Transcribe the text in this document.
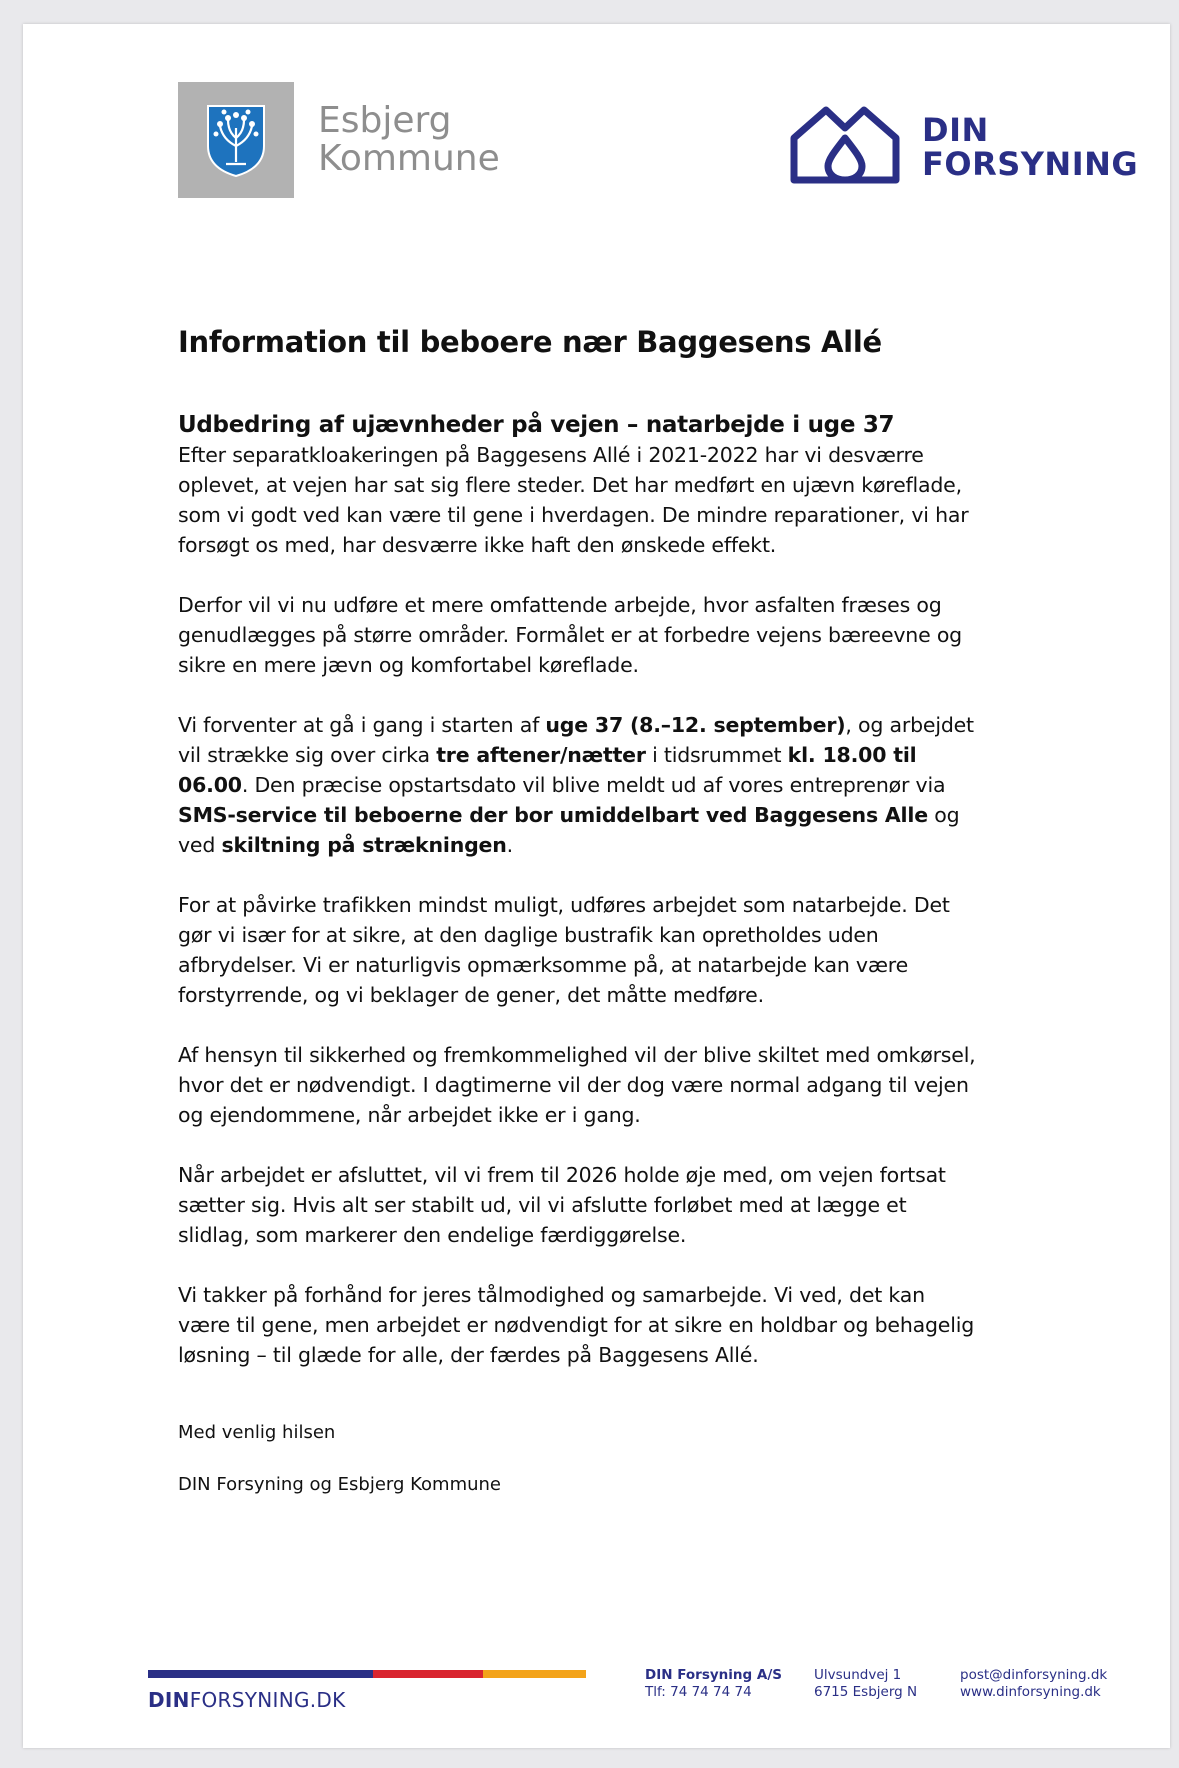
Esbjerg
Kommune
DIN
FORSYNING
Information til beboere nær Baggesens Allé
Udbedring af ujævnheder på vejen – natarbejde i uge 37

Efter separatkloakeringen på Baggesens Allé i 2021-2022 har vi desværre oplevet, at vejen har sat sig flere steder. Det har medført en ujævn køreflade, som vi godt ved kan være til gene i hverdagen. De mindre reparationer, vi har forsøgt os med, har desværre ikke haft den ønskede effekt.

Derfor vil vi nu udføre et mere omfattende arbejde, hvor asfalten fræses og genudlægges på større områder. Formålet er at forbedre vejens bæreevne og sikre en mere jævn og komfortabel køreflade.

Vi forventer at gå i gang i starten af uge 37 (8.–12. september), og arbejdet vil strække sig over cirka tre aftener/nætter i tidsrummet kl. 18.00 til 06.00. Den præcise opstartsdato vil blive meldt ud af vores entreprenør via SMS-service til beboerne der bor umiddelbart ved Baggesens Alle og ved skiltning på strækningen.

For at påvirke trafikken mindst muligt, udføres arbejdet som natarbejde. Det gør vi især for at sikre, at den daglige bustrafik kan opretholdes uden afbrydelser. Vi er naturligvis opmærksomme på, at natarbejde kan være forstyrrende, og vi beklager de gener, det måtte medføre.

Af hensyn til sikkerhed og fremkommelighed vil der blive skiltet med omkørsel, hvor det er nødvendigt. I dagtimerne vil der dog være normal adgang til vejen og ejendommene, når arbejdet ikke er i gang.

Når arbejdet er afsluttet, vil vi frem til 2026 holde øje med, om vejen fortsat sætter sig. Hvis alt ser stabilt ud, vil vi afslutte forløbet med at lægge et slidlag, som markerer den endelige færdiggørelse.

Vi takker på forhånd for jeres tålmodighed og samarbejde. Vi ved, det kan være til gene, men arbejdet er nødvendigt for at sikre en holdbar og behagelig løsning – til glæde for alle, der færdes på Baggesens Allé.

Med venlig hilsen
DIN Forsyning og Esbjerg Kommune
DINFORSYNING.DK
DIN Forsyning A/S
Tlf: 74 74 74 74
Ulvsundvej 1
6715 Esbjerg N
post@dinforsyning.dk
www.dinforsyning.dk
